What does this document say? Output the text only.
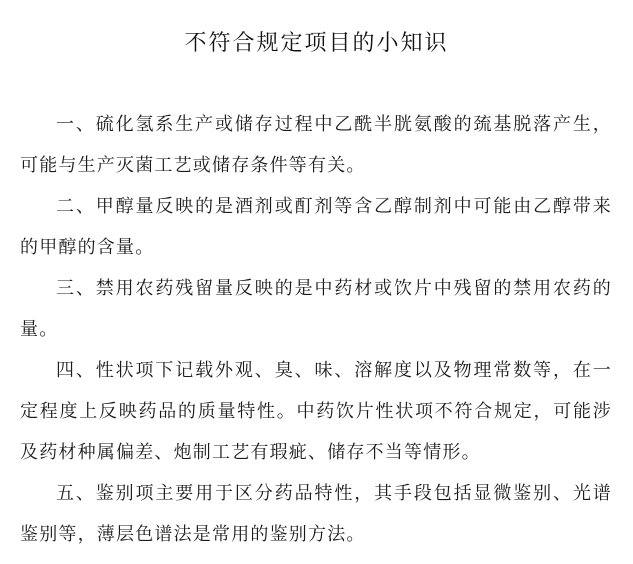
不符合规定项目的小知识

一、硫化氢系生产或储存过程中乙酰半胱氨酸的巯基脱落产生，可能与生产灭菌工艺或储存条件等有关。

二、甲醇量反映的是酒剂或酊剂等含乙醇制剂中可能由乙醇带来的甲醇的含量。

三、禁用农药残留量反映的是中药材或饮片中残留的禁用农药的量。

四、性状项下记载外观、臭、味、溶解度以及物理常数等，在一定程度上反映药品的质量特性。中药饮片性状项不符合规定，可能涉及药材种属偏差、炮制工艺有瑕疵、储存不当等情形。

五、鉴别项主要用于区分药品特性，其手段包括显微鉴别、光谱鉴别等，薄层色谱法是常用的鉴别方法。
